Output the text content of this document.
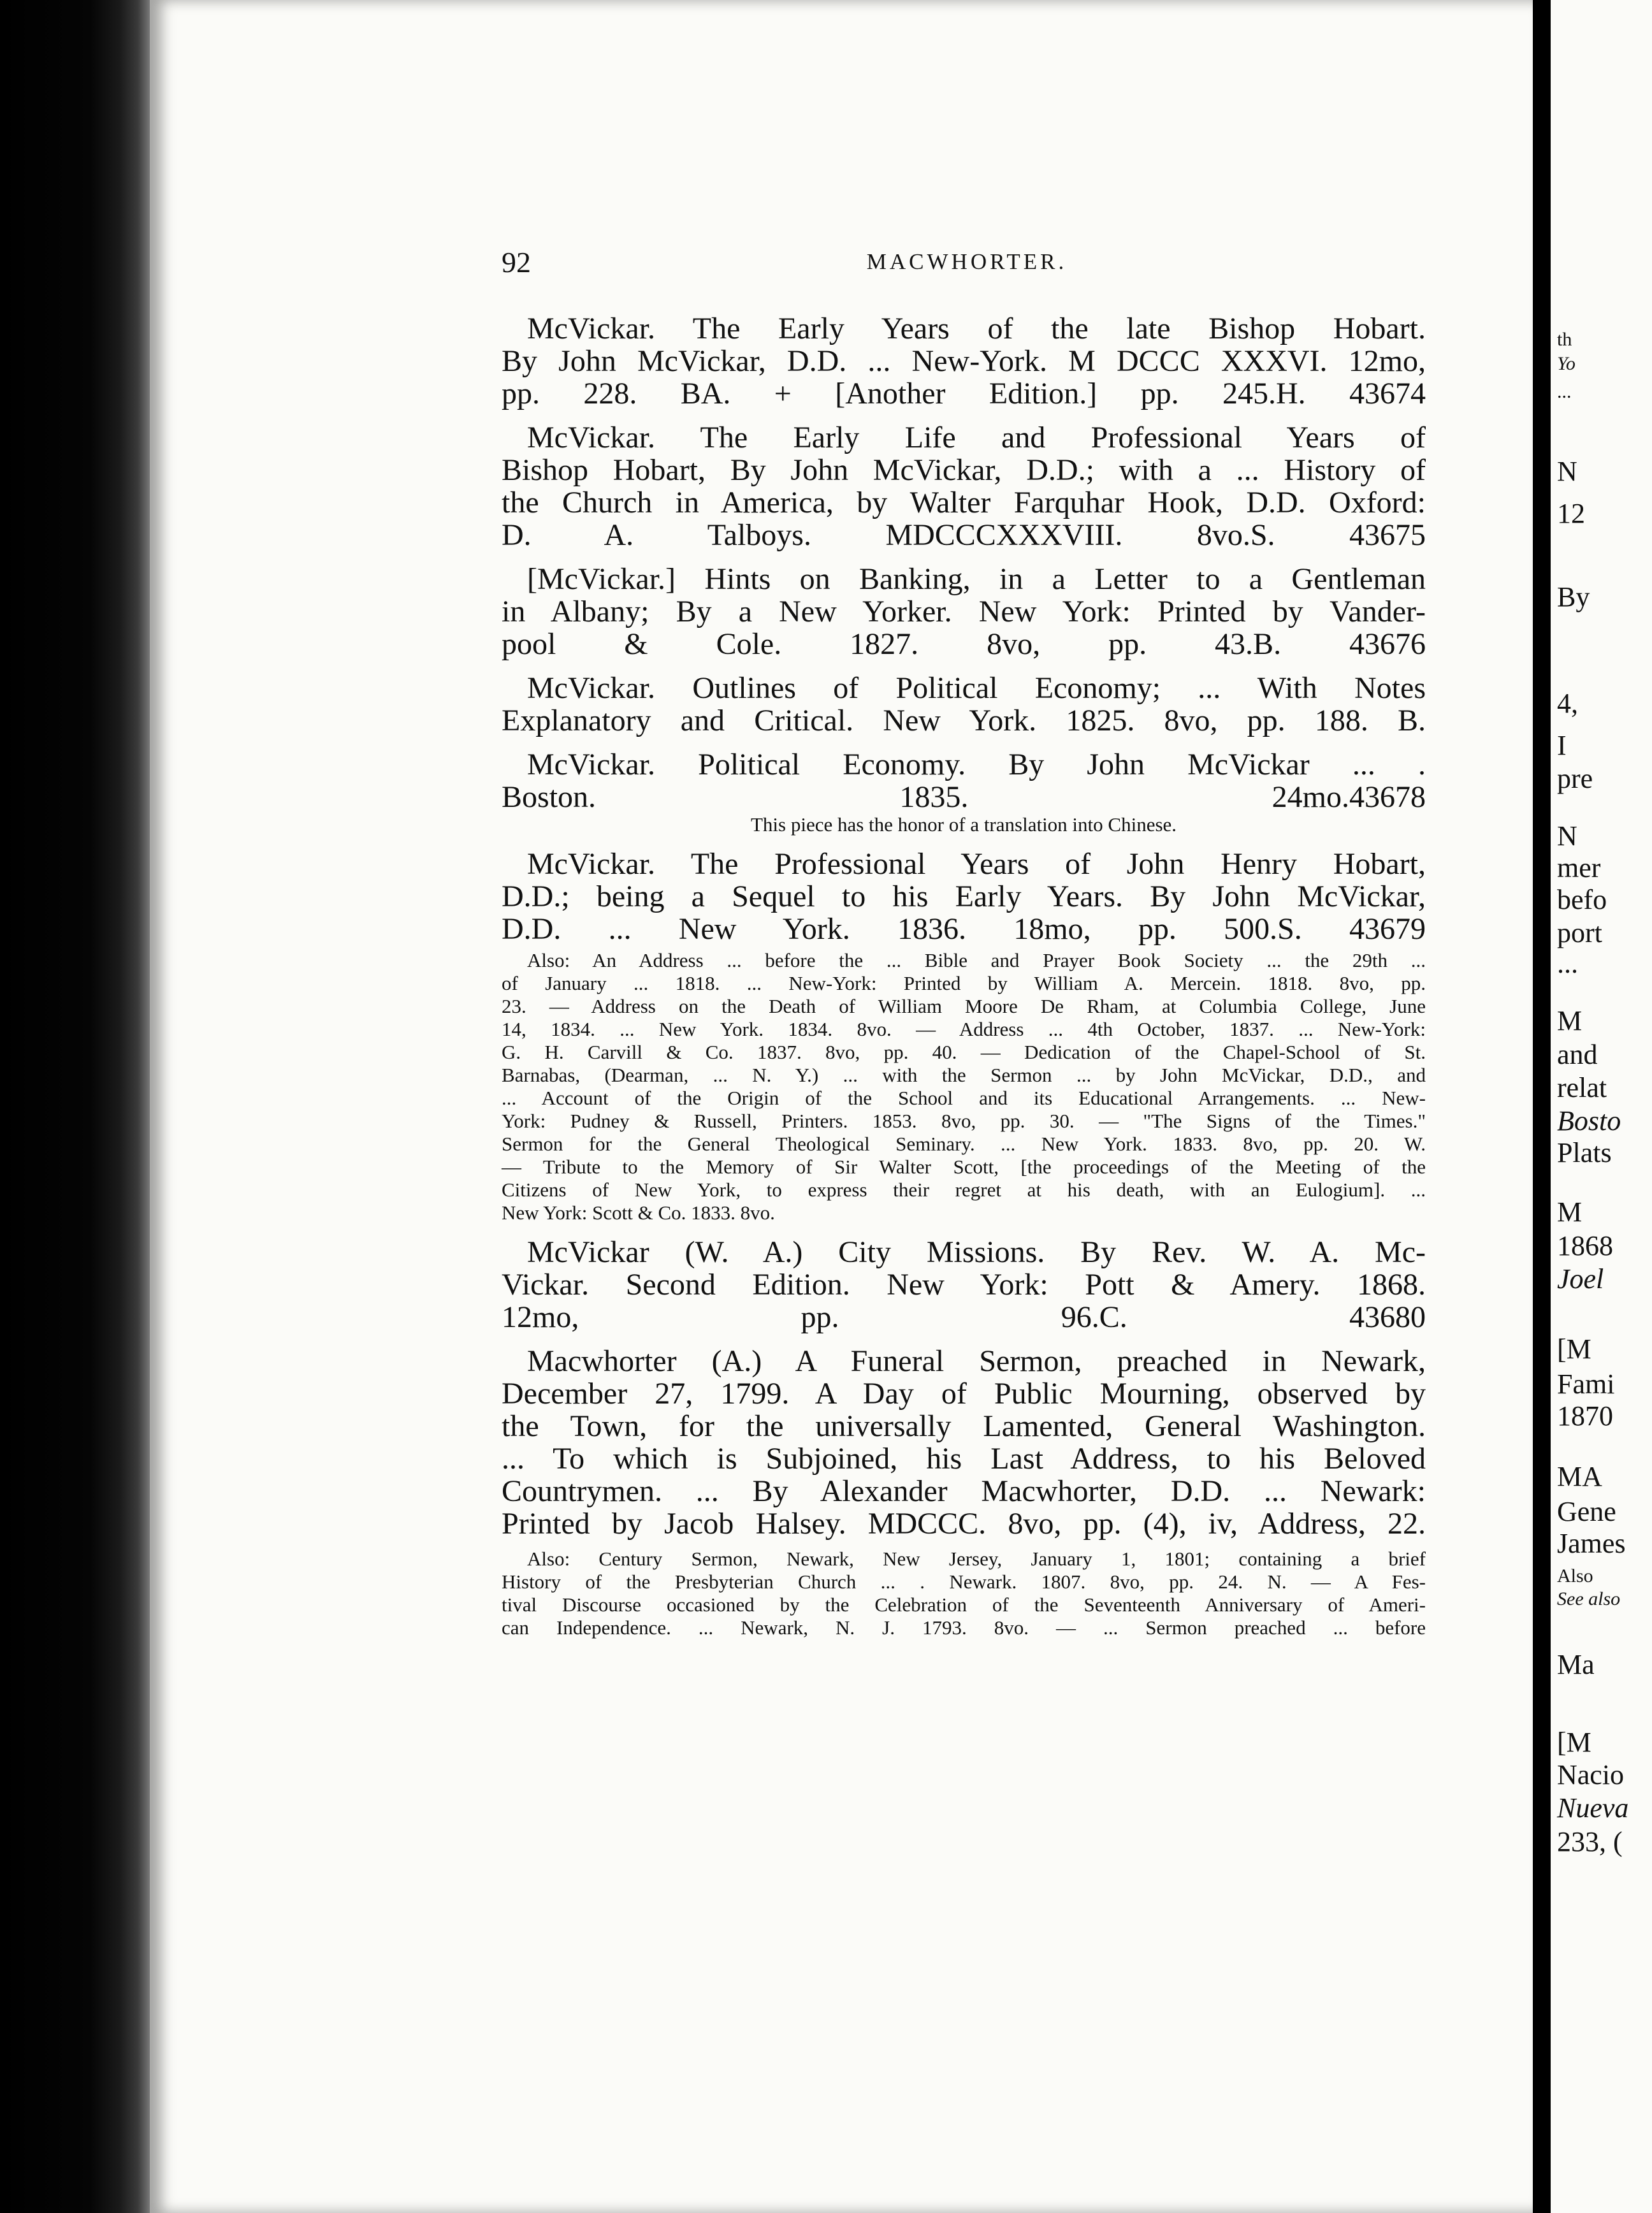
92	MACWHORTER.
McVickar. The Early Years of the late Bishop Hobart.
By John McVickar, D.D. ... New-York. M DCCC XXXVI. 12mo,
pp. 228. BA. + [Another Edition.] pp. 245.H. 43674
McVickar. The Early Life and Professional Years of
Bishop Hobart, By John McVickar, D.D.; with a ... History of
the Church in America, by Walter Farquhar Hook, D.D. Oxford:
D. A. Talboys. MDCCCXXXVIII. 8vo.S. 43675
[McVickar.] Hints on Banking, in a Letter to a Gentleman
in Albany; By a New Yorker. New York: Printed by Vander-
pool & Cole. 1827. 8vo, pp. 43.B. 43676
McVickar. Outlines of Political Economy; ... With Notes
Explanatory and Critical. New York. 1825. 8vo, pp. 188. B.
McVickar. Political Economy. By John McVickar ... .
Boston. 1835. 24mo.43678
This piece has the honor of a translation into Chinese.
McVickar. The Professional Years of John Henry Hobart,
D.D.; being a Sequel to his Early Years. By John McVickar,
D.D. ... New York. 1836. 18mo, pp. 500.S. 43679
Also: An Address ... before the ... Bible and Prayer Book Society ... the 29th ...
of January ... 1818. ... New-York: Printed by William A. Mercein. 1818. 8vo, pp.
23. — Address on the Death of William Moore De Rham, at Columbia College, June
14, 1834. ... New York. 1834. 8vo. — Address ... 4th October, 1837. ... New-York:
G. H. Carvill & Co. 1837. 8vo, pp. 40. — Dedication of the Chapel-School of St.
Barnabas, (Dearman, ... N. Y.) ... with the Sermon ... by John McVickar, D.D., and
... Account of the Origin of the School and its Educational Arrangements. ... New-
York: Pudney & Russell, Printers. 1853. 8vo, pp. 30. — "The Signs of the Times."
Sermon for the General Theological Seminary. ... New York. 1833. 8vo, pp. 20. W.
— Tribute to the Memory of Sir Walter Scott, [the proceedings of the Meeting of the
Citizens of New York, to express their regret at his death, with an Eulogium]. ...
New York: Scott & Co. 1833. 8vo.
McVickar (W. A.) City Missions. By Rev. W. A. Mc-
Vickar. Second Edition. New York: Pott & Amery. 1868.
12mo, pp. 96.C. 43680
Macwhorter (A.) A Funeral Sermon, preached in Newark,
December 27, 1799. A Day of Public Mourning, observed by
the Town, for the universally Lamented, General Washington.
... To which is Subjoined, his Last Address, to his Beloved
Countrymen. ... By Alexander Macwhorter, D.D. ... Newark:
Printed by Jacob Halsey. MDCCC. 8vo, pp. (4), iv, Address, 22.
Also: Century Sermon, Newark, New Jersey, January 1, 1801; containing a brief
History of the Presbyterian Church ... . Newark. 1807. 8vo, pp. 24. N. — A Fes-
tival Discourse occasioned by the Celebration of the Seventeenth Anniversary of Ameri-
can Independence. ... Newark, N. J. 1793. 8vo. — ... Sermon preached ... before
th
Yo
...
N
12
By
4,
I
pre
N
mer
befo
port
...
M
and
relat
Bosto
Plats
M
1868
Joel
[M
Fami
1870
MA
Gene
James
Also
See also
Ma
[M
Nacio
Nueva
233, (
